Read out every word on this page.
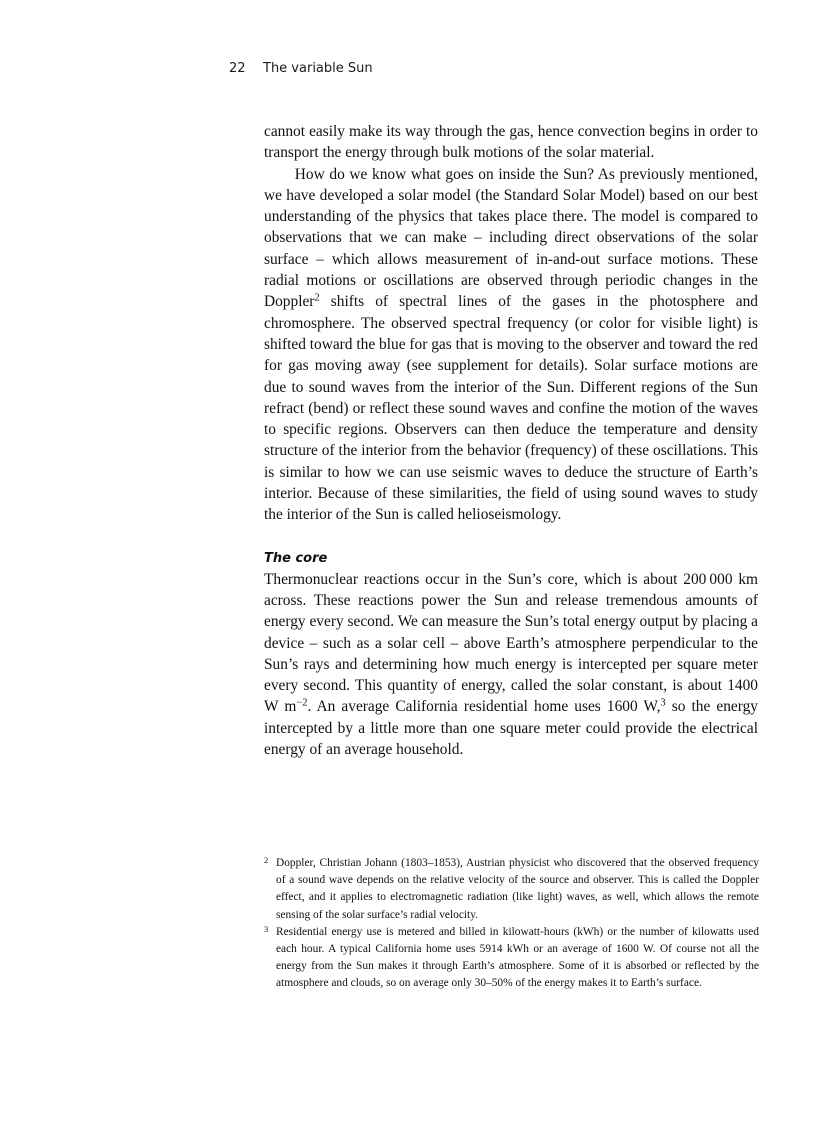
22 The variable Sun

cannot easily make its way through the gas, hence convection begins in order to transport the energy through bulk motions of the solar material.

How do we know what goes on inside the Sun? As previously mentioned, we have developed a solar model (the Standard Solar Model) based on our best understanding of the physics that takes place there. The model is compared to observations that we can make – including direct observations of the solar surface – which allows measurement of in-and-out surface motions. These radial motions or oscillations are observed through periodic changes in the Doppler$^2$ shifts of spectral lines of the gases in the photosphere and chromosphere. The observed spectral frequency (or color for visible light) is shifted toward the blue for gas that is moving to the observer and toward the red for gas moving away (see supplement for details). Solar surface motions are due to sound waves from the interior of the Sun. Different regions of the Sun refract (bend) or reflect these sound waves and confine the motion of the waves to specific regions. Observers can then deduce the temperature and density structure of the interior from the behavior (frequency) of these oscillations. This is similar to how we can use seismic waves to deduce the structure of Earth’s interior. Because of these similarities, the field of using sound waves to study the interior of the Sun is called helioseismology.

The core

Thermonuclear reactions occur in the Sun’s core, which is about 200 000 km across. These reactions power the Sun and release tremendous amounts of energy every second. We can measure the Sun’s total energy output by placing a device – such as a solar cell – above Earth’s atmosphere perpendicular to the Sun’s rays and determining how much energy is intercepted per square meter every second. This quantity of energy, called the solar constant, is about 1400 W $m^{-2}$. An average California residential home uses 1600 W,$^3$ so the energy intercepted by a little more than one square meter could provide the electrical energy of an average household.

2 Doppler, Christian Johann (1803–1853), Austrian physicist who discovered that the observed frequency of a sound wave depends on the relative velocity of the source and observer. This is called the Doppler effect, and it applies to electromagnetic radiation (like light) waves, as well, which allows the remote sensing of the solar surface’s radial velocity.

3 Residential energy use is metered and billed in kilowatt-hours (kWh) or the number of kilowatts used each hour. A typical California home uses 5914 kWh or an average of 1600 W. Of course not all the energy from the Sun makes it through Earth’s atmosphere. Some of it is absorbed or reflected by the atmosphere and clouds, so on average only 30–50% of the energy makes it to Earth’s surface.
